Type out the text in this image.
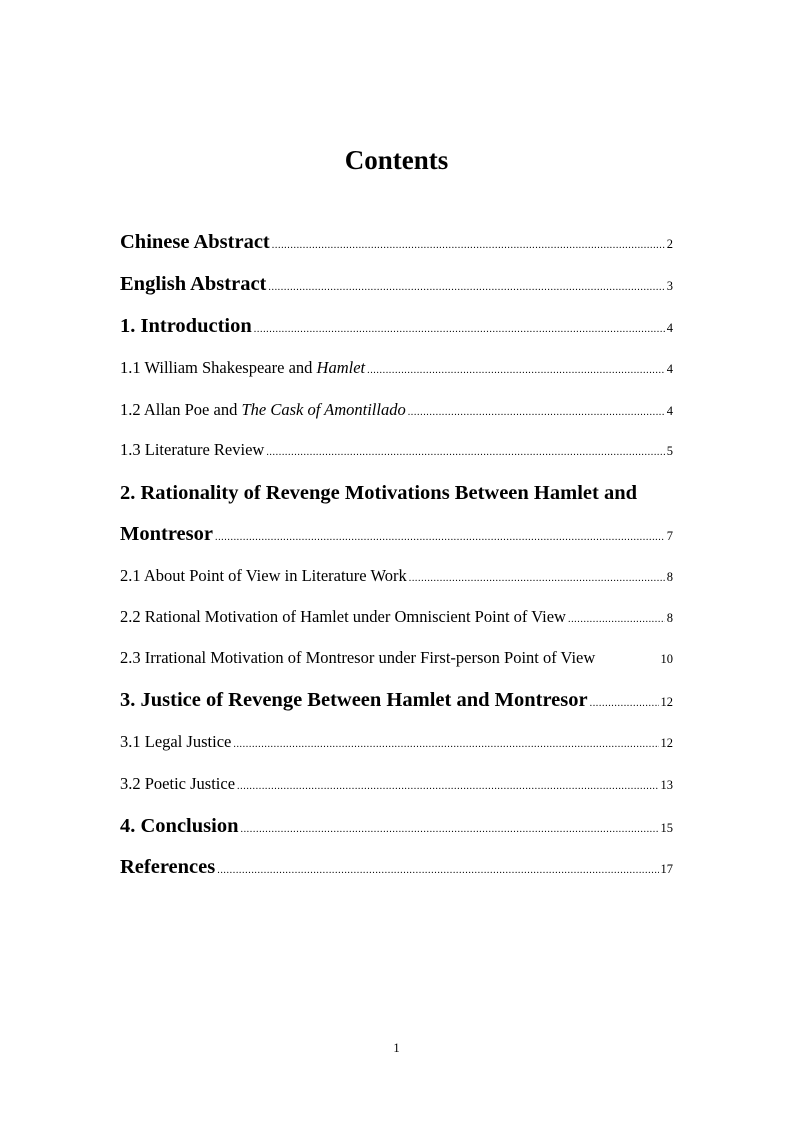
Contents
Chinese Abstract .....	2
English Abstract .....	3
1. Introduction .....	4
1.1 William Shakespeare and Hamlet .....	4
1.2 Allan Poe and The Cask of Amontillado .....	4
1.3 Literature Review .....	5
2. Rationality of Revenge Motivations Between Hamlet and
Montresor .....	7
2.1 About Point of View in Literature Work .....	8
2.2 Rational Motivation of Hamlet under Omniscient Point of View .....	8
2.3 Irrational Motivation of Montresor under First-person Point of View	10
3. Justice of Revenge Between Hamlet and Montresor .....	12
3.1 Legal Justice .....	12
3.2 Poetic Justice .....	13
4. Conclusion .....	15
References .....	17
1
